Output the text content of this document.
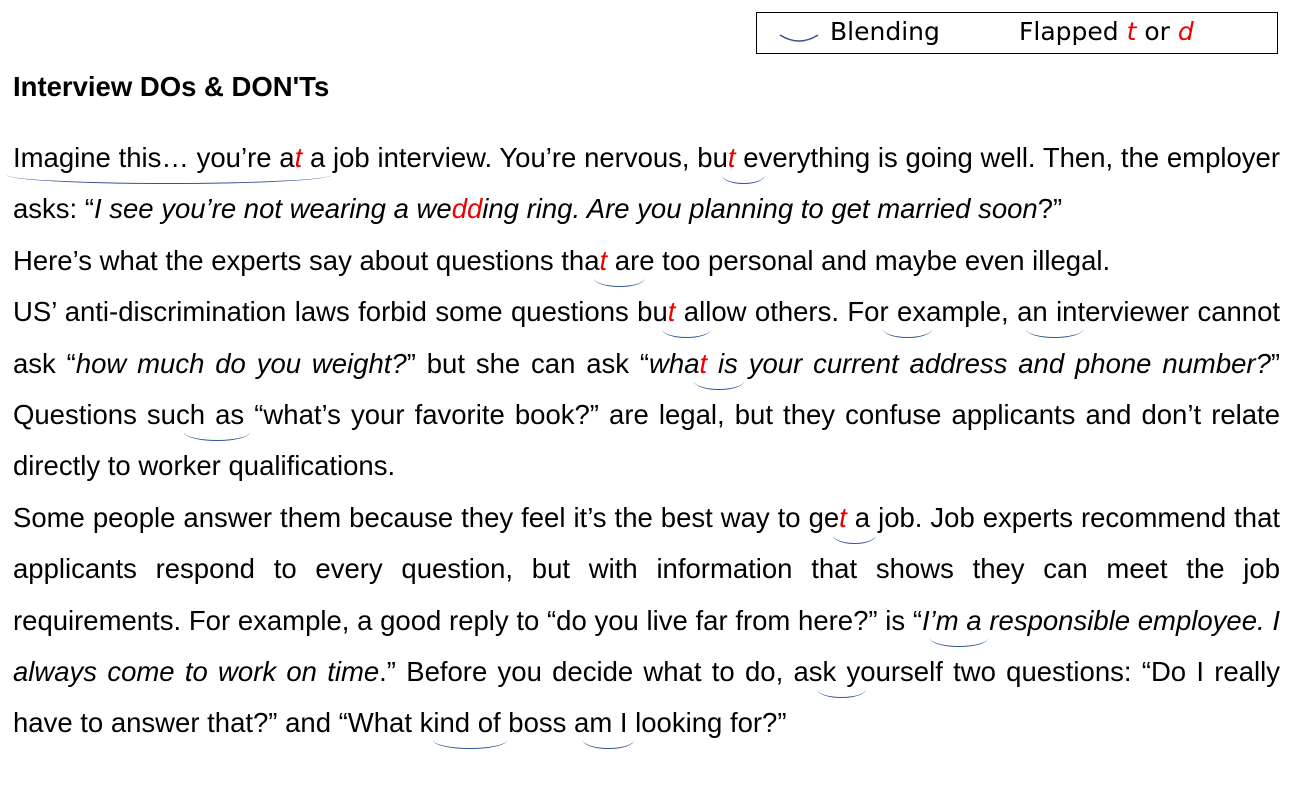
Blending	Flapped t or d
Interview DOs & DON'Ts

Imagine this… you’re at a job interview. You’re nervous, but everything is going well. Then, the employer asks: “I see you’re not wearing a wedding ring. Are you planning to get married soon?”

Here’s what the experts say about questions that are too personal and maybe even illegal.

US’ anti-discrimination laws forbid some questions but allow others. For example, an interviewer cannot ask “how much do you weight?” but she can ask “what is your current address and phone number?” Questions such as “what’s your favorite book?” are legal, but they confuse applicants and don’t relate directly to worker qualifications.

Some people answer them because they feel it’s the best way to get a job. Job experts recommend that applicants respond to every question, but with information that shows they can meet the job requirements. For example, a good reply to “do you live far from here?” is “I’m a responsible employee. I always come to work on time.” Before you decide what to do, ask yourself two questions: “Do I really have to answer that?” and “What kind of boss am I looking for?”
